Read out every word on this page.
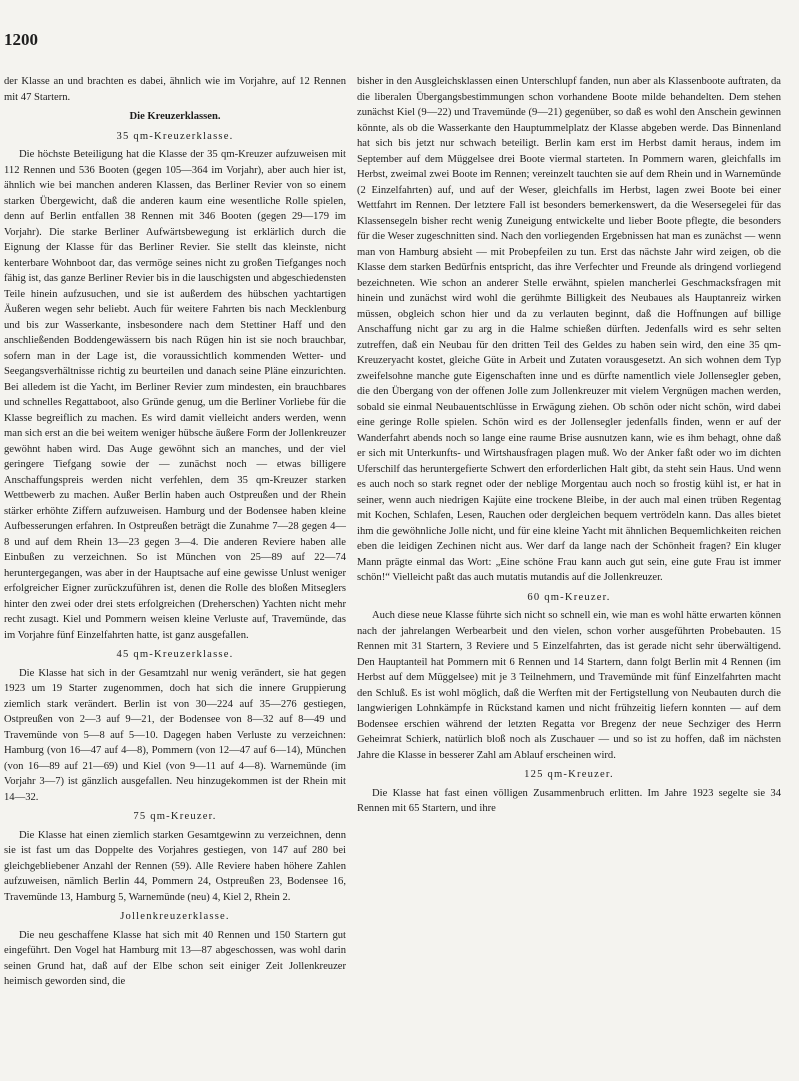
1200

der Klasse an und brachten es dabei, ähnlich wie im Vorjahre, auf 12 Rennen mit 47 Startern.

Die Kreuzerklassen.
35 qm-Kreuzerklasse.

Die höchste Beteiligung hat die Klasse der 35 qm-Kreuzer aufzuweisen mit 112 Rennen und 536 Booten (gegen 105—364 im Vorjahr), aber auch hier ist, ähnlich wie bei manchen anderen Klassen, das Berliner Revier von so einem starken Übergewicht, daß die anderen kaum eine wesentliche Rolle spielen, denn auf Berlin entfallen 38 Rennen mit 346 Booten (gegen 29—179 im Vorjahr). Die starke Berliner Aufwärtsbewegung ist erklärlich durch die Eignung der Klasse für das Berliner Revier. Sie stellt das kleinste, nicht kenterbare Wohnboot dar, das vermöge seines nicht zu großen Tiefganges noch fähig ist, das ganze Berliner Revier bis in die lauschigsten und abgeschiedensten Teile hinein aufzusuchen, und sie ist außerdem des hübschen yachtartigen Äußeren wegen sehr beliebt. Auch für weitere Fahrten bis nach Mecklenburg und bis zur Wasserkante, insbesondere nach dem Stettiner Haff und den anschließenden Boddengewässern bis nach Rügen hin ist sie noch brauchbar, sofern man in der Lage ist, die voraussichtlich kommenden Wetter- und Seegangsverhältnisse richtig zu beurteilen und danach seine Pläne einzurichten. Bei alledem ist die Yacht, im Berliner Revier zum mindesten, ein brauchbares und schnelles Regattaboot, also Gründe genug, um die Berliner Vorliebe für die Klasse begreiflich zu machen. Es wird damit vielleicht anders werden, wenn man sich erst an die bei weitem weniger hübsche äußere Form der Jollenkreuzer gewöhnt haben wird. Das Auge gewöhnt sich an manches, und der viel geringere Tiefgang sowie der — zunächst noch — etwas billigere Anschaffungspreis werden nicht verfehlen, dem 35 qm-Kreuzer starken Wettbewerb zu machen. Außer Berlin haben auch Ostpreußen und der Rhein stärker erhöhte Ziffern aufzuweisen. Hamburg und der Bodensee haben kleine Aufbesserungen erfahren. In Ostpreußen beträgt die Zunahme 7—28 gegen 4—8 und auf dem Rhein 13—23 gegen 3—4. Die anderen Reviere haben alle Einbußen zu verzeichnen. So ist München von 25—89 auf 22—74 heruntergegangen, was aber in der Hauptsache auf eine gewisse Unlust weniger erfolgreicher Eigner zurückzuführen ist, denen die Rolle des bloßen Mitseglers hinter den zwei oder drei stets erfolgreichen (Dreherschen) Yachten nicht mehr recht zusagt. Kiel und Pommern weisen kleine Verluste auf, Travemünde, das im Vorjahre fünf Einzelfahrten hatte, ist ganz ausgefallen.

45 qm-Kreuzerklasse.

Die Klasse hat sich in der Gesamtzahl nur wenig verändert, sie hat gegen 1923 um 19 Starter zugenommen, doch hat sich die innere Gruppierung ziemlich stark verändert. Berlin ist von 30—224 auf 35—276 gestiegen, Ostpreußen von 2—3 auf 9—21, der Bodensee von 8—32 auf 8—49 und Travemünde von 5—8 auf 5—10. Dagegen haben Verluste zu verzeichnen: Hamburg (von 16—47 auf 4—8), Pommern (von 12—47 auf 6—14), München (von 16—89 auf 21—69) und Kiel (von 9—11 auf 4—8). Warnemünde (im Vorjahr 3—7) ist gänzlich ausgefallen. Neu hinzugekommen ist der Rhein mit 14—32.

75 qm-Kreuzer.

Die Klasse hat einen ziemlich starken Gesamtgewinn zu verzeichnen, denn sie ist fast um das Doppelte des Vorjahres gestiegen, von 147 auf 280 bei gleichgebliebener Anzahl der Rennen (59). Alle Reviere haben höhere Zahlen aufzuweisen, nämlich Berlin 44, Pommern 24, Ostpreußen 23, Bodensee 16, Travemünde 13, Hamburg 5, Warnemünde (neu) 4, Kiel 2, Rhein 2.

Jollenkreuzerklasse.

Die neu geschaffene Klasse hat sich mit 40 Rennen und 150 Startern gut eingeführt. Den Vogel hat Hamburg mit 13—87 abgeschossen, was wohl darin seinen Grund hat, daß auf der Elbe schon seit einiger Zeit Jollenkreuzer heimisch geworden sind, die

bisher in den Ausgleichsklassen einen Unterschlupf fanden, nun aber als Klassenboote auftraten, da die liberalen Übergangsbestimmungen schon vorhandene Boote milde behandelten. Dem stehen zunächst Kiel (9—22) und Travemünde (9—21) gegenüber, so daß es wohl den Anschein gewinnen könnte, als ob die Wasserkante den Hauptummelplatz der Klasse abgeben werde. Das Binnenland hat sich bis jetzt nur schwach beteiligt. Berlin kam erst im Herbst damit heraus, indem im September auf dem Müggelsee drei Boote viermal starteten. In Pommern waren, gleichfalls im Herbst, zweimal zwei Boote im Rennen; vereinzelt tauchten sie auf dem Rhein und in Warnemünde (2 Einzelfahrten) auf, und auf der Weser, gleichfalls im Herbst, lagen zwei Boote bei einer Wettfahrt im Rennen. Der letztere Fall ist besonders bemerkenswert, da die Wesersegelei für das Klassensegeln bisher recht wenig Zuneigung entwickelte und lieber Boote pflegte, die besonders für die Weser zugeschnitten sind. Nach den vorliegenden Ergebnissen hat man es zunächst — wenn man von Hamburg absieht — mit Probepfeilen zu tun. Erst das nächste Jahr wird zeigen, ob die Klasse dem starken Bedürfnis entspricht, das ihre Verfechter und Freunde als dringend vorliegend bezeichneten. Wie schon an anderer Stelle erwähnt, spielen mancherlei Geschmacksfragen mit hinein und zunächst wird wohl die gerühmte Billigkeit des Neubaues als Hauptanreiz wirken müssen, obgleich schon hier und da zu verlauten beginnt, daß die Hoffnungen auf billige Anschaffung nicht gar zu arg in die Halme schießen dürften. Jedenfalls wird es sehr selten zutreffen, daß ein Neubau für den dritten Teil des Geldes zu haben sein wird, den eine 35 qm-Kreuzeryacht kostet, gleiche Güte in Arbeit und Zutaten vorausgesetzt. An sich wohnen dem Typ zweifelsohne manche gute Eigenschaften inne und es dürfte namentlich viele Jollensegler geben, die den Übergang von der offenen Jolle zum Jollenkreuzer mit vielem Vergnügen machen werden, sobald sie einmal Neubauentschlüsse in Erwägung ziehen. Ob schön oder nicht schön, wird dabei eine geringe Rolle spielen. Schön wird es der Jollensegler jedenfalls finden, wenn er auf der Wanderfahrt abends noch so lange eine raume Brise ausnutzen kann, wie es ihm behagt, ohne daß er sich mit Unterkunfts- und Wirtshausfragen plagen muß. Wo der Anker faßt oder wo im dichten Uferschilf das heruntergefierte Schwert den erforderlichen Halt gibt, da steht sein Haus. Und wenn es auch noch so stark regnet oder der neblige Morgentau auch noch so frostig kühl ist, er hat in seiner, wenn auch niedrigen Kajüte eine trockene Bleibe, in der auch mal einen trüben Regentag mit Kochen, Schlafen, Lesen, Rauchen oder dergleichen bequem vertrödeln kann. Das alles bietet ihm die gewöhnliche Jolle nicht, und für eine kleine Yacht mit ähnlichen Bequemlichkeiten reichen eben die leidigen Zechinen nicht aus. Wer darf da lange nach der Schönheit fragen? Ein kluger Mann prägte einmal das Wort: „Eine schöne Frau kann auch gut sein, eine gute Frau ist immer schön!“ Vielleicht paßt das auch mutatis mutandis auf die Jollenkreuzer.

60 qm-Kreuzer.

Auch diese neue Klasse führte sich nicht so schnell ein, wie man es wohl hätte erwarten können nach der jahrelangen Werbearbeit und den vielen, schon vorher ausgeführten Probebauten. 15 Rennen mit 31 Startern, 3 Reviere und 5 Einzelfahrten, das ist gerade nicht sehr überwältigend. Den Hauptanteil hat Pommern mit 6 Rennen und 14 Startern, dann folgt Berlin mit 4 Rennen (im Herbst auf dem Müggelsee) mit je 3 Teilnehmern, und Travemünde mit fünf Einzelfahrten macht den Schluß. Es ist wohl möglich, daß die Werften mit der Fertigstellung von Neubauten durch die langwierigen Lohnkämpfe in Rückstand kamen und nicht frühzeitig liefern konnten — auf dem Bodensee erschien während der letzten Regatta vor Bregenz der neue Sechziger des Herrn Geheimrat Schierk, natürlich bloß noch als Zuschauer — und so ist zu hoffen, daß im nächsten Jahre die Klasse in besserer Zahl am Ablauf erscheinen wird.

125 qm-Kreuzer.

Die Klasse hat fast einen völligen Zusammenbruch erlitten. Im Jahre 1923 segelte sie 34 Rennen mit 65 Startern, und ihre
